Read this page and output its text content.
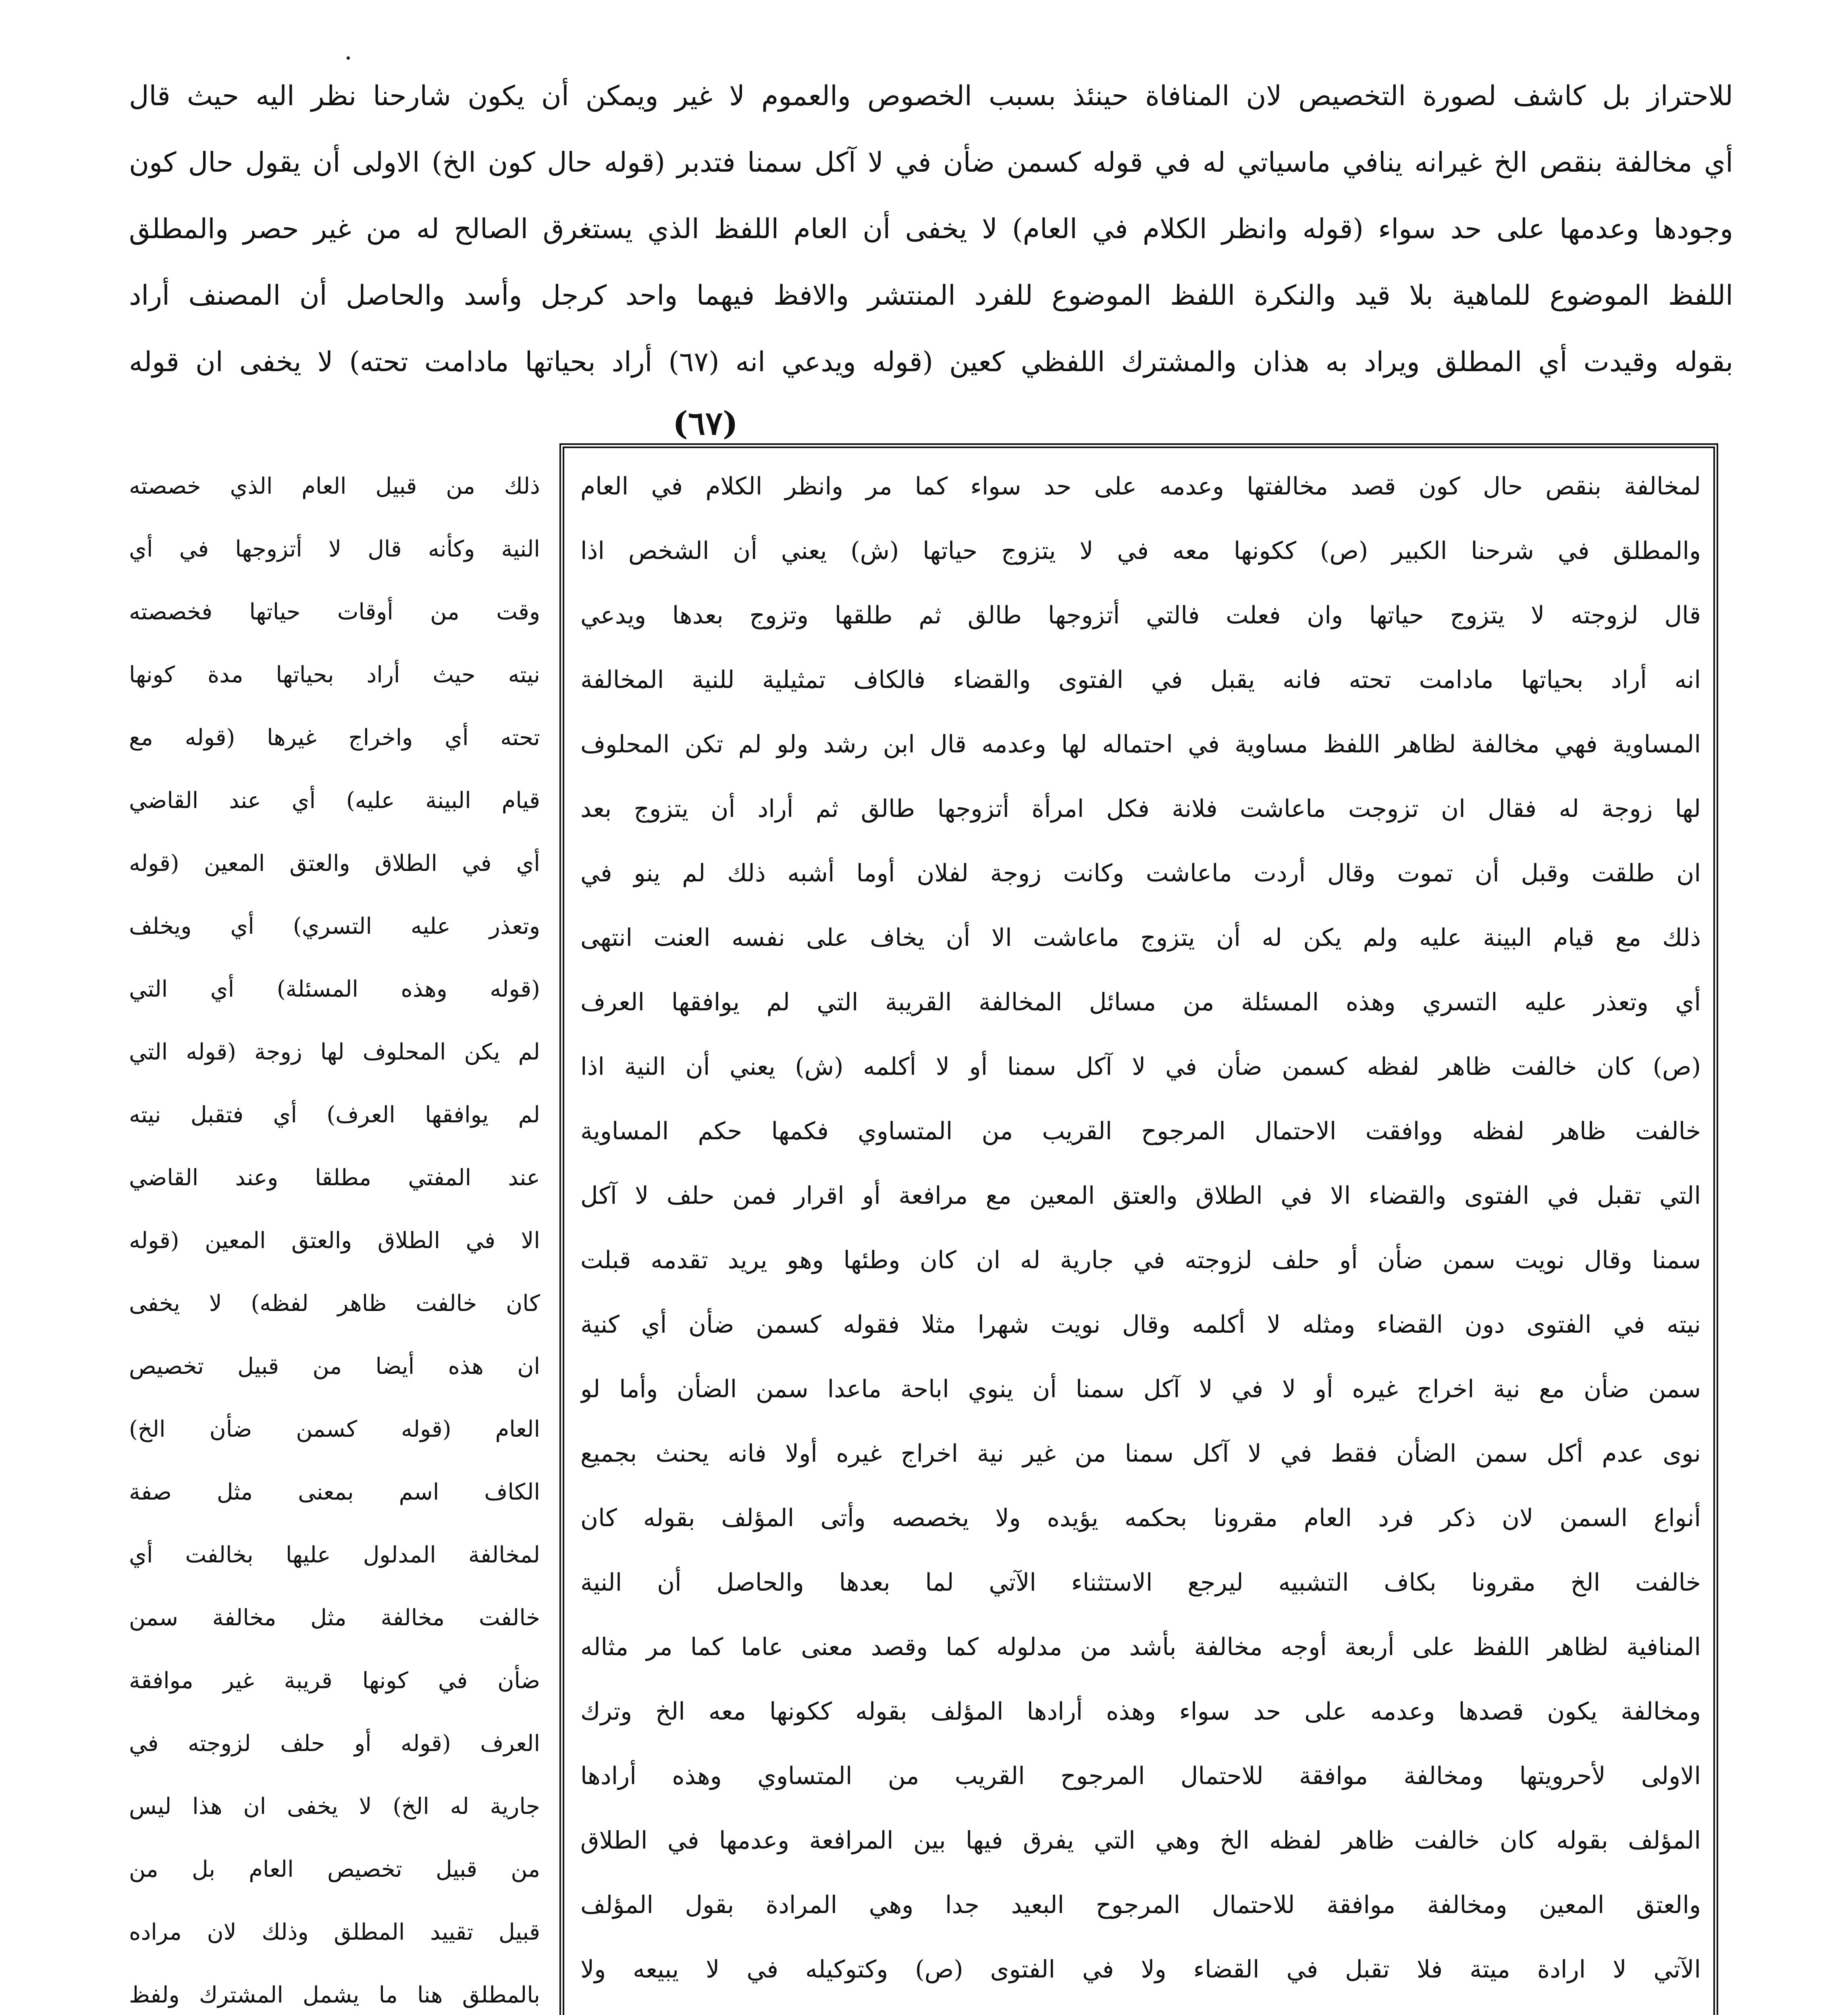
للاحتراز بل كاشف لصورة التخصيص لان المنافاة حينئذ بسبب الخصوص والعموم لا غير ويمكن أن يكون شارحنا نظر اليه حيث قال
أي مخالفة بنقص الخ غيرانه ينافي ماسياتي له في قوله كسمن ضأن في لا آكل سمنا فتدبر (قوله حال كون الخ) الاولى أن يقول حال كون
وجودها وعدمها على حد سواء (قوله وانظر الكلام في العام) لا يخفى أن العام اللفظ الذي يستغرق الصالح له من غير حصر والمطلق
اللفظ الموضوع للماهية بلا قيد والنكرة اللفظ الموضوع للفرد المنتشر والافظ فيهما واحد كرجل وأسد والحاصل أن المصنف أراد
بقوله وقيدت أي المطلق ويراد به هذان والمشترك اللفظي كعين (قوله ويدعي انه (٦٧) أراد بحياتها مادامت تحته) لا يخفى ان قوله
(٦٧)
لمخالفة بنقص حال كون قصد مخالفتها وعدمه على حد سواء كما مر وانظر الكلام في العام
والمطلق في شرحنا الكبير (ص) ككونها معه في لا يتزوج حياتها (ش) يعني أن الشخص اذا
قال لزوجته لا يتزوج حياتها وان فعلت فالتي أتزوجها طالق ثم طلقها وتزوج بعدها ويدعي
انه أراد بحياتها مادامت تحته فانه يقبل في الفتوى والقضاء فالكاف تمثيلية للنية المخالفة
المساوية فهي مخالفة لظاهر اللفظ مساوية في احتماله لها وعدمه قال ابن رشد ولو لم تكن المحلوف
لها زوجة له فقال ان تزوجت ماعاشت فلانة فكل امرأة أتزوجها طالق ثم أراد أن يتزوج بعد
ان طلقت وقبل أن تموت وقال أردت ماعاشت وكانت زوجة لفلان أوما أشبه ذلك لم ينو في
ذلك مع قيام البينة عليه ولم يكن له أن يتزوج ماعاشت الا أن يخاف على نفسه العنت انتهى
أي وتعذر عليه التسري وهذه المسئلة من مسائل المخالفة القريبة التي لم يوافقها العرف
(ص) كان خالفت ظاهر لفظه كسمن ضأن في لا آكل سمنا أو لا أكلمه (ش) يعني أن النية اذا
خالفت ظاهر لفظه ووافقت الاحتمال المرجوح القريب من المتساوي فكمها حكم المساوية
التي تقبل في الفتوى والقضاء الا في الطلاق والعتق المعين مع مرافعة أو اقرار فمن حلف لا آكل
سمنا وقال نويت سمن ضأن أو حلف لزوجته في جارية له ان كان وطئها وهو يريد تقدمه قبلت
نيته في الفتوى دون القضاء ومثله لا أكلمه وقال نويت شهرا مثلا فقوله كسمن ضأن أي كنية
سمن ضأن مع نية اخراج غيره أو لا في لا آكل سمنا أن ينوي اباحة ماعدا سمن الضأن وأما لو
نوى عدم أكل سمن الضأن فقط في لا آكل سمنا من غير نية اخراج غيره أولا فانه يحنث بجميع
أنواع السمن لان ذكر فرد العام مقرونا بحكمه يؤيده ولا يخصصه وأتى المؤلف بقوله كان
خالفت الخ مقرونا بكاف التشبيه ليرجع الاستثناء الآتي لما بعدها والحاصل أن النية
المنافية لظاهر اللفظ على أربعة أوجه مخالفة بأشد من مدلوله كما وقصد معنى عاما كما مر مثاله
ومخالفة يكون قصدها وعدمه على حد سواء وهذه أرادها المؤلف بقوله ككونها معه الخ وترك
الاولى لأحرويتها ومخالفة موافقة للاحتمال المرجوح القريب من المتساوي وهذه أرادها
المؤلف بقوله كان خالفت ظاهر لفظه الخ وهي التي يفرق فيها بين المرافعة وعدمها في الطلاق
والعتق المعين ومخالفة موافقة للاحتمال المرجوح البعيد جدا وهي المرادة بقول المؤلف
الآتي لا ارادة ميتة فلا تقبل في القضاء ولا في الفتوى (ص) وكتوكيله في لا يبيعه ولا
ذلك من قبيل العام الذي خصصته
النية وكأنه قال لا أتزوجها في أي
وقت من أوقات حياتها فخصصته
نيته حيث أراد بحياتها مدة كونها
تحته أي واخراج غيرها (قوله مع
قيام البينة عليه) أي عند القاضي
أي في الطلاق والعتق المعين (قوله
وتعذر عليه التسري) أي ويخلف
(قوله وهذه المسئلة) أي التي
لم يكن المحلوف لها زوجة (قوله التي
لم يوافقها العرف) أي فتقبل نيته
عند المفتي مطلقا وعند القاضي
الا في الطلاق والعتق المعين (قوله
كان خالفت ظاهر لفظه) لا يخفى
ان هذه أيضا من قبيل تخصيص
العام (قوله كسمن ضأن الخ)
الكاف اسم بمعنى مثل صفة
لمخالفة المدلول عليها بخالفت أي
خالفت مخالفة مثل مخالفة سمن
ضأن في كونها قريبة غير موافقة
العرف (قوله أو حلف لزوجته في
جارية له الخ) لا يخفى ان هذا ليس
من قبيل تخصيص العام بل من
قبيل تقييد المطلق وذلك لان مراده
بالمطلق هنا ما يشمل المشترك ولفظ
